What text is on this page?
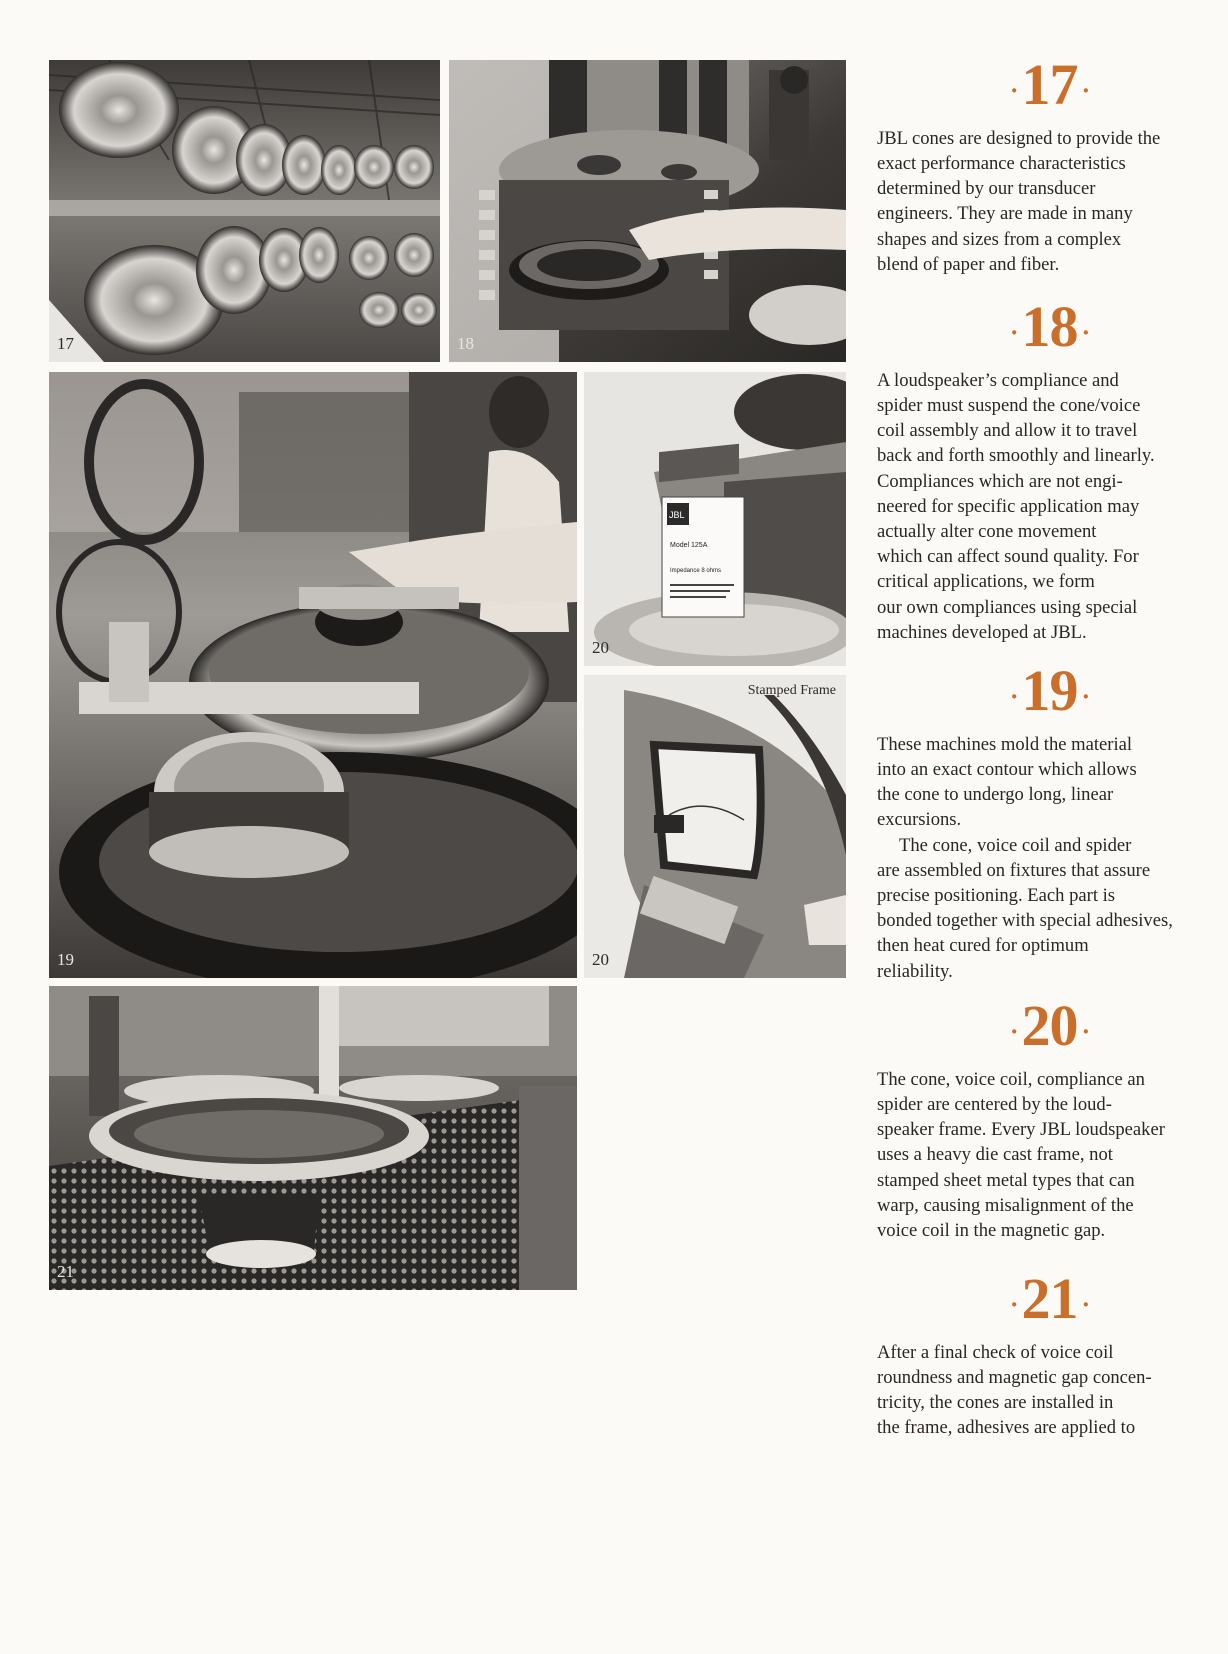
17	18
19
JBL
Model 125A
Impedance 8 ohms
20
Stamped Frame
20
21
·17 ·
JBL cones are designed to provide the
exact performance characteristics
determined by our transducer
engineers. They are made in many
shapes and sizes from a complex
blend of paper and fiber.
·18 ·
A loudspeaker’s compliance and
spider must suspend the cone/voice
coil assembly and allow it to travel
back and forth smoothly and linearly.
Compliances which are not engi-
neered for specific application may
actually alter cone movement
which can affect sound quality. For
critical applications, we form
our own compliances using special
machines developed at JBL.
·19 ·
These machines mold the material
into an exact contour which allows
the cone to undergo long, linear
excursions.
The cone, voice coil and spider
are assembled on fixtures that assure
precise positioning. Each part is
bonded together with special adhesives,
then heat cured for optimum
reliability.
·20 ·
The cone, voice coil, compliance an
spider are centered by the loud-
speaker frame. Every JBL loudspeaker
uses a heavy die cast frame, not
stamped sheet metal types that can
warp, causing misalignment of the
voice coil in the magnetic gap.
·21 ·
After a final check of voice coil
roundness and magnetic gap concen-
tricity, the cones are installed in
the frame, adhesives are applied to
